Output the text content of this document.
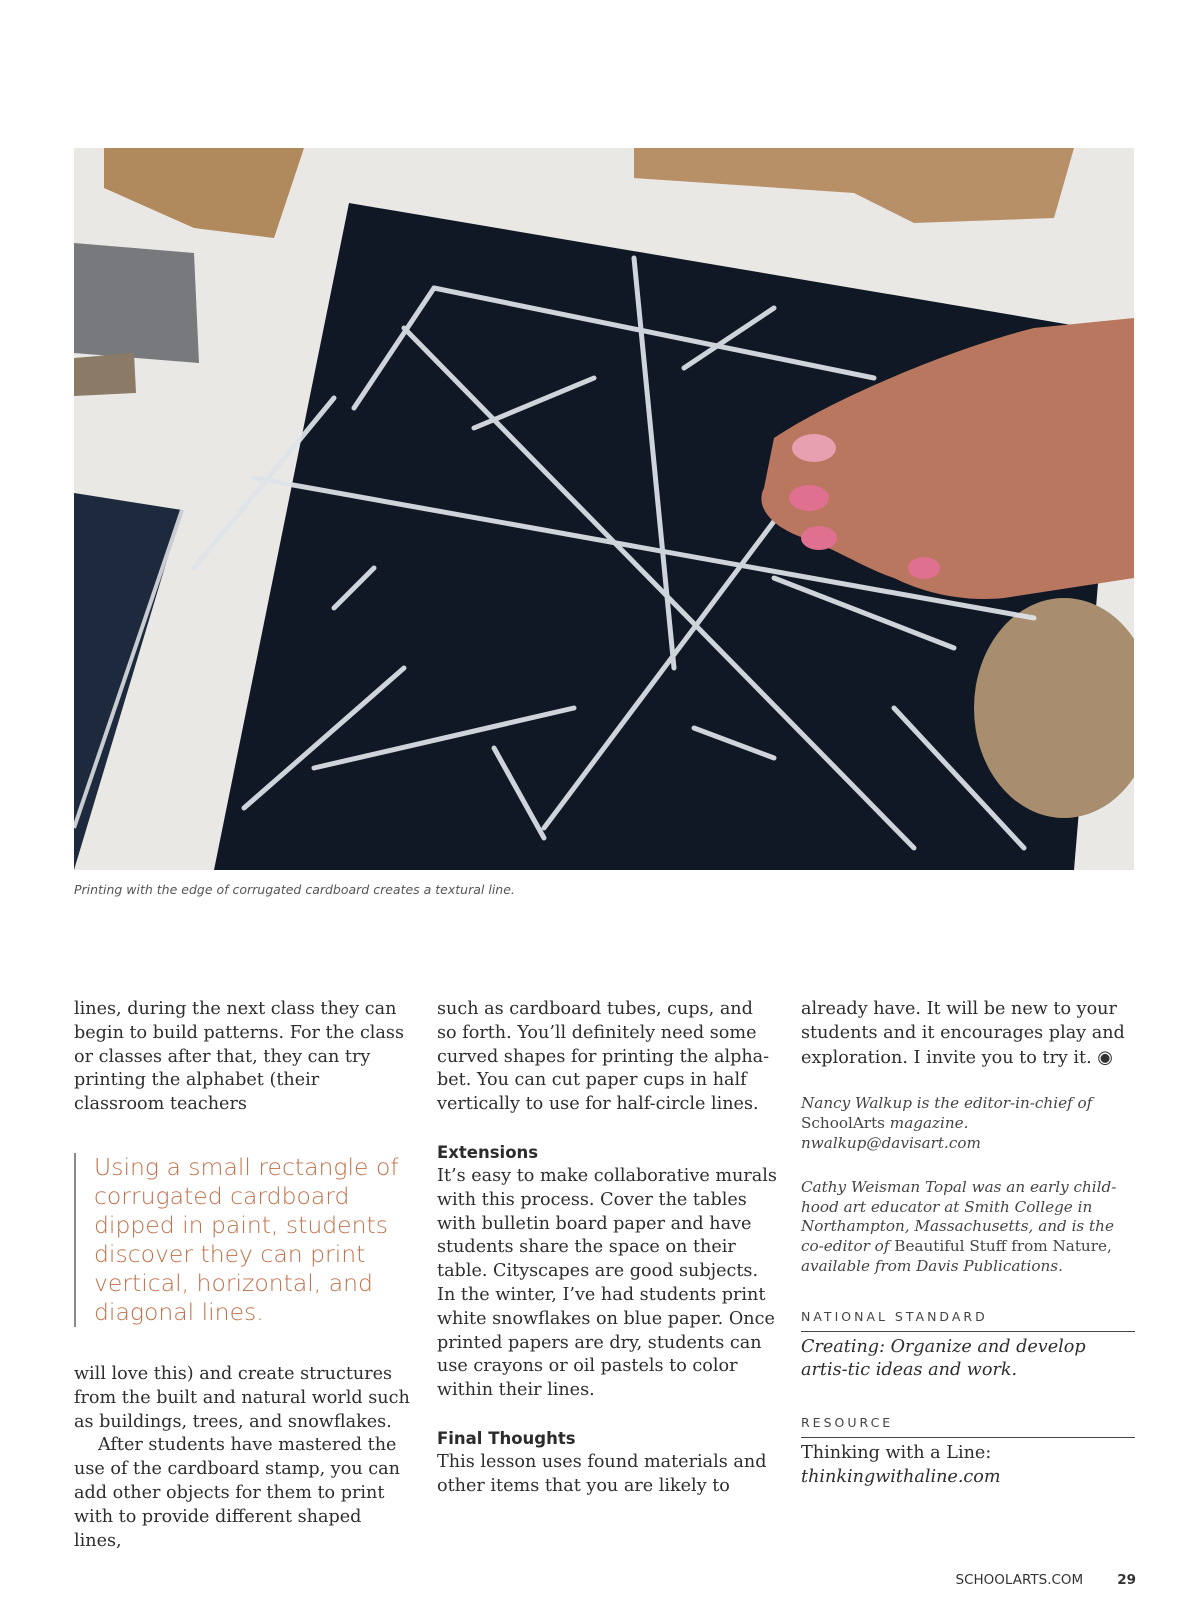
Printing with the edge of corrugated cardboard creates a textural line.

lines, during the next class they can begin to build patterns. For the class or classes after that, they can try printing the alphabet (their classroom teachers

Using a small rectangle of corrugated cardboard dipped in paint, students discover they can print vertical, horizontal, and diagonal lines.

will love this) and create structures from the built and natural world such as buildings, trees, and snowflakes.

After students have mastered the use of the cardboard stamp, you can add other objects for them to print with to provide different shaped lines,

such as cardboard tubes, cups, and so forth. You’ll definitely need some curved shapes for printing the alpha-bet. You can cut paper cups in half vertically to use for half-circle lines.

Extensions

It’s easy to make collaborative murals with this process. Cover the tables with bulletin board paper and have students share the space on their table. Cityscapes are good subjects. In the winter, I’ve had students print white snowflakes on blue paper. Once printed papers are dry, students can use crayons or oil pastels to color within their lines.

Final Thoughts

This lesson uses found materials and other items that you are likely to

already have. It will be new to your students and it encourages play and exploration. I invite you to try it. ◉

Nancy Walkup is the editor-in-chief of SchoolArts magazine. nwalkup@davisart.com

Cathy Weisman Topal was an early child-hood art educator at Smith College in Northampton, Massachusetts, and is the co-editor of Beautiful Stuff from Nature, available from Davis Publications.

NATIONAL STANDARD

Creating: Organize and develop artis-tic ideas and work.

RESOURCE

Thinking with a Line:

thinkingwithaline.com

SCHOOLARTS.COM	29
